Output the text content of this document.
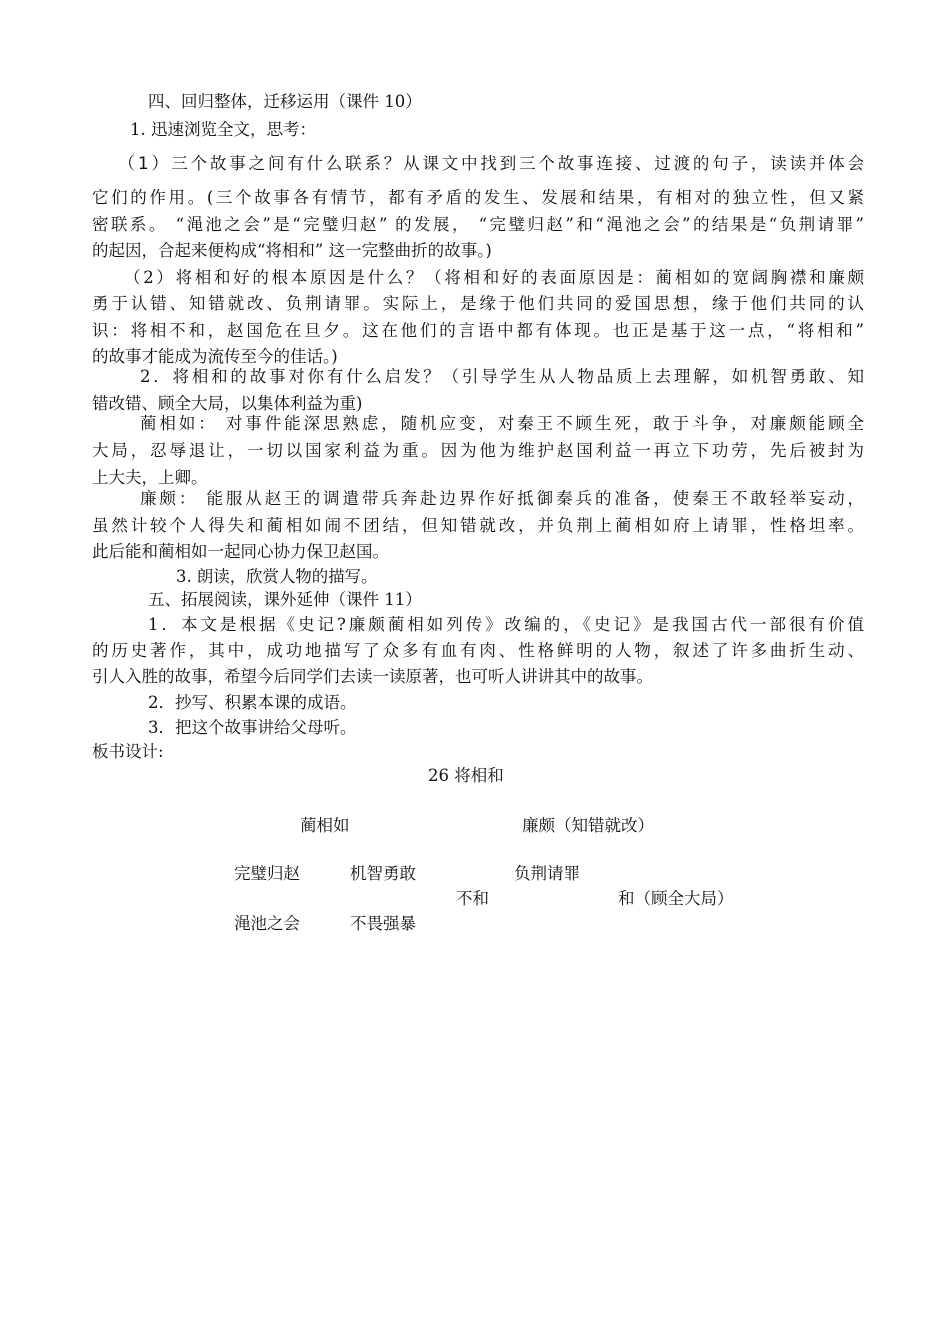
四、回归整体，迁移运用（课件 10）

1. 迅速浏览全文，思考：

（1）三个故事之间有什么联系？从课文中找到三个故事连接、过渡的句子，读读并体会

它们的作用。(三个故事各有情节，都有矛盾的发生、发展和结果，有相对的独立性，但又紧

密联系。 “渑池之会”是“完璧归赵” 的发展， “完璧归赵”和“渑池之会”的结果是“负荆请罪”

的起因，合起来便构成“将相和” 这一完整曲折的故事。)

（2）将相和好的根本原因是什么？（将相和好的表面原因是：蔺相如的宽阔胸襟和廉颇

勇于认错、知错就改、负荆请罪。实际上，是缘于他们共同的爱国思想，缘于他们共同的认

识：将相不和，赵国危在旦夕。这在他们的言语中都有体现。也正是基于这一点，“将相和”

的故事才能成为流传至今的佳话。)

2．将相和的故事对你有什么启发？（引导学生从人物品质上去理解，如机智勇敢、知

错改错、顾全大局，以集体利益为重)

蔺相如： 对事件能深思熟虑，随机应变，对秦王不顾生死，敢于斗争，对廉颇能顾全

大局，忍辱退让，一切以国家利益为重。因为他为维护赵国利益一再立下功劳，先后被封为

上大夫，上卿。

廉颇： 能服从赵王的调遣带兵奔赴边界作好抵御秦兵的准备，使秦王不敢轻举妄动，

虽然计较个人得失和蔺相如闹不团结，但知错就改，并负荆上蔺相如府上请罪，性格坦率。

此后能和蔺相如一起同心协力保卫赵国。

3. 朗读，欣赏人物的描写。

五、拓展阅读，课外延伸（课件 11）

1．本文是根据《史记?廉颇蔺相如列传》改编的，《史记》是我国古代一部很有价值

的历史著作，其中，成功地描写了众多有血有肉、性格鲜明的人物，叙述了许多曲折生动、

引人入胜的故事，希望今后同学们去读一读原著，也可听人讲讲其中的故事。

2．抄写、积累本课的成语。

3．把这个故事讲给父母听。

板书设计:

26 将相和

蔺相如	廉颇（知错就改）

完璧归赵	机智勇敢	负荆请罪

不和	和（顾全大局）

渑池之会	不畏强暴
